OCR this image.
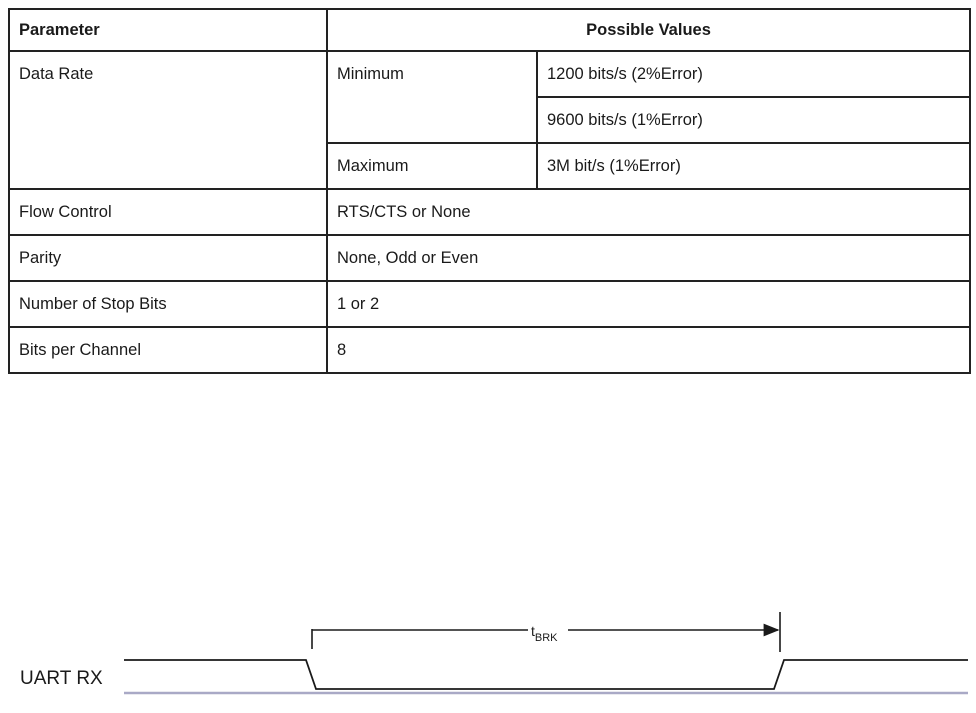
Parameter	Possible Values	
Data Rate	Minimum	1200 bits/s (2%Error)
		9600 bits/s (1%Error)
	Maximum	3M bit/s (1%Error)
Flow Control	RTS/CTS or None	
Parity	None, Odd or Even	
Number of Stop Bits	1 or 2	
Bits per Channel	8	
$t_{BRK}$
UART RX
